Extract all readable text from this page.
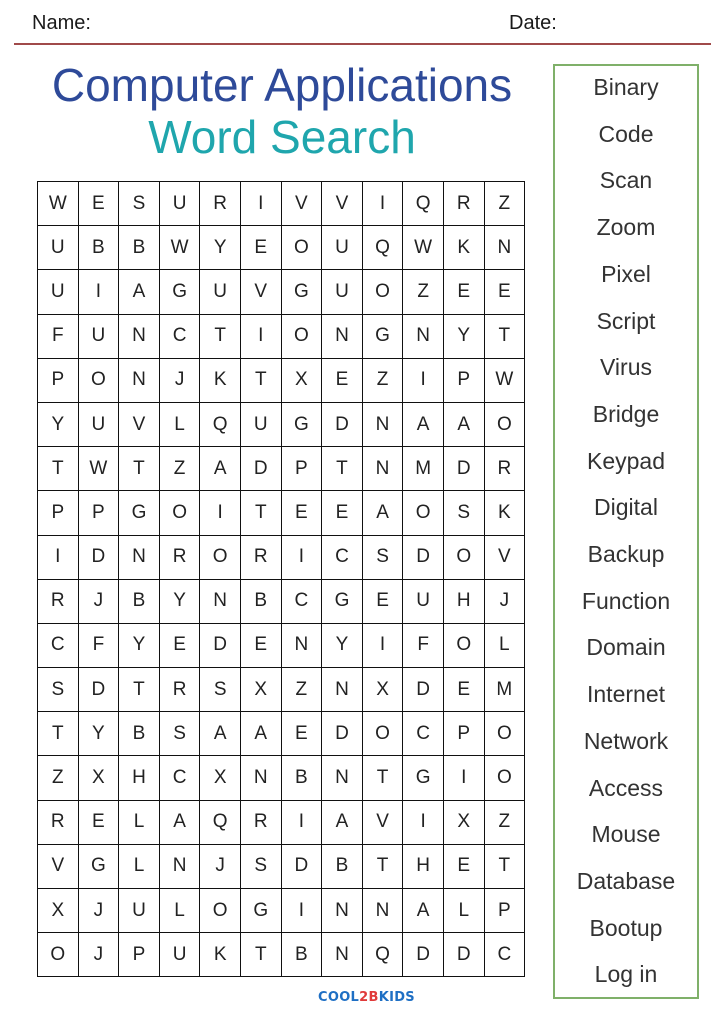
Name:	Date:
Computer Applications
Word Search
W	E	S	U	R	I	V	V	I	Q	R	Z
U	B	B	W	Y	E	O	U	Q	W	K	N
U	I	A	G	U	V	G	U	O	Z	E	E
F	U	N	C	T	I	O	N	G	N	Y	T
P	O	N	J	K	T	X	E	Z	I	P	W
Y	U	V	L	Q	U	G	D	N	A	A	O
T	W	T	Z	A	D	P	T	N	M	D	R
P	P	G	O	I	T	E	E	A	O	S	K
I	D	N	R	O	R	I	C	S	D	O	V
R	J	B	Y	N	B	C	G	E	U	H	J
C	F	Y	E	D	E	N	Y	I	F	O	L
S	D	T	R	S	X	Z	N	X	D	E	M
T	Y	B	S	A	A	E	D	O	C	P	O
Z	X	H	C	X	N	B	N	T	G	I	O
R	E	L	A	Q	R	I	A	V	I	X	Z
V	G	L	N	J	S	D	B	T	H	E	T
X	J	U	L	O	G	I	N	N	A	L	P
O	J	P	U	K	T	B	N	Q	D	D	C
Binary
Code
Scan
Zoom
Pixel
Script
Virus
Bridge
Keypad
Digital
Backup
Function
Domain
Internet
Network
Access
Mouse
Database
Bootup
Log in
COOL2BKIDS
